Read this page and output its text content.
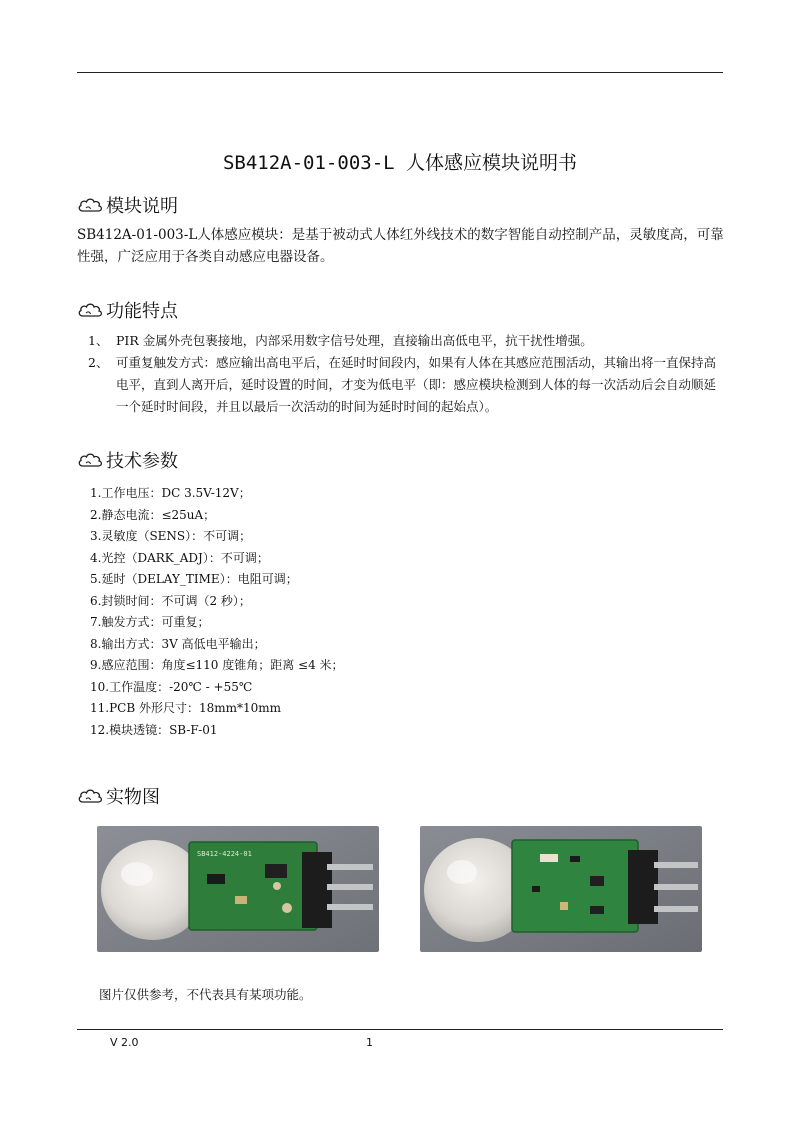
SB412A-01-003-L 人体感应模块说明书
模块说明
SB412A-01-003-L人体感应模块：是基于被动式人体红外线技术的数字智能自动控制产品，灵敏度高，可靠性强，广泛应用于各类自动感应电器设备。
功能特点
1、 PIR 金属外壳包裹接地，内部采用数字信号处理，直接输出高低电平，抗干扰性增强。
2、 可重复触发方式：感应输出高电平后，在延时时间段内，如果有人体在其感应范围活动，其输出将一直保持高电平，直到人离开后，延时设置的时间，才变为低电平（即：感应模块检测到人体的每一次活动后会自动顺延一个延时时间段，并且以最后一次活动的时间为延时时间的起始点）。
技术参数
1.工作电压：DC 3.5V-12V；
2.静态电流：≤25uA；
3.灵敏度（SENS）：不可调；
4.光控（DARK_ADJ）：不可调；
5.延时（DELAY_TIME）：电阻可调；
6.封锁时间：不可调（2 秒）；
7.触发方式：可重复；
8.输出方式：3V 高低电平输出；
9.感应范围：角度≤110 度锥角；距离 ≤4 米；
10.工作温度：-20℃ - +55℃
11.PCB 外形尺寸：18mm*10mm
12.模块透镜：SB-F-01
实物图
SB412-4224-01
图片仅供参考，不代表具有某项功能。
V 2.0	1
